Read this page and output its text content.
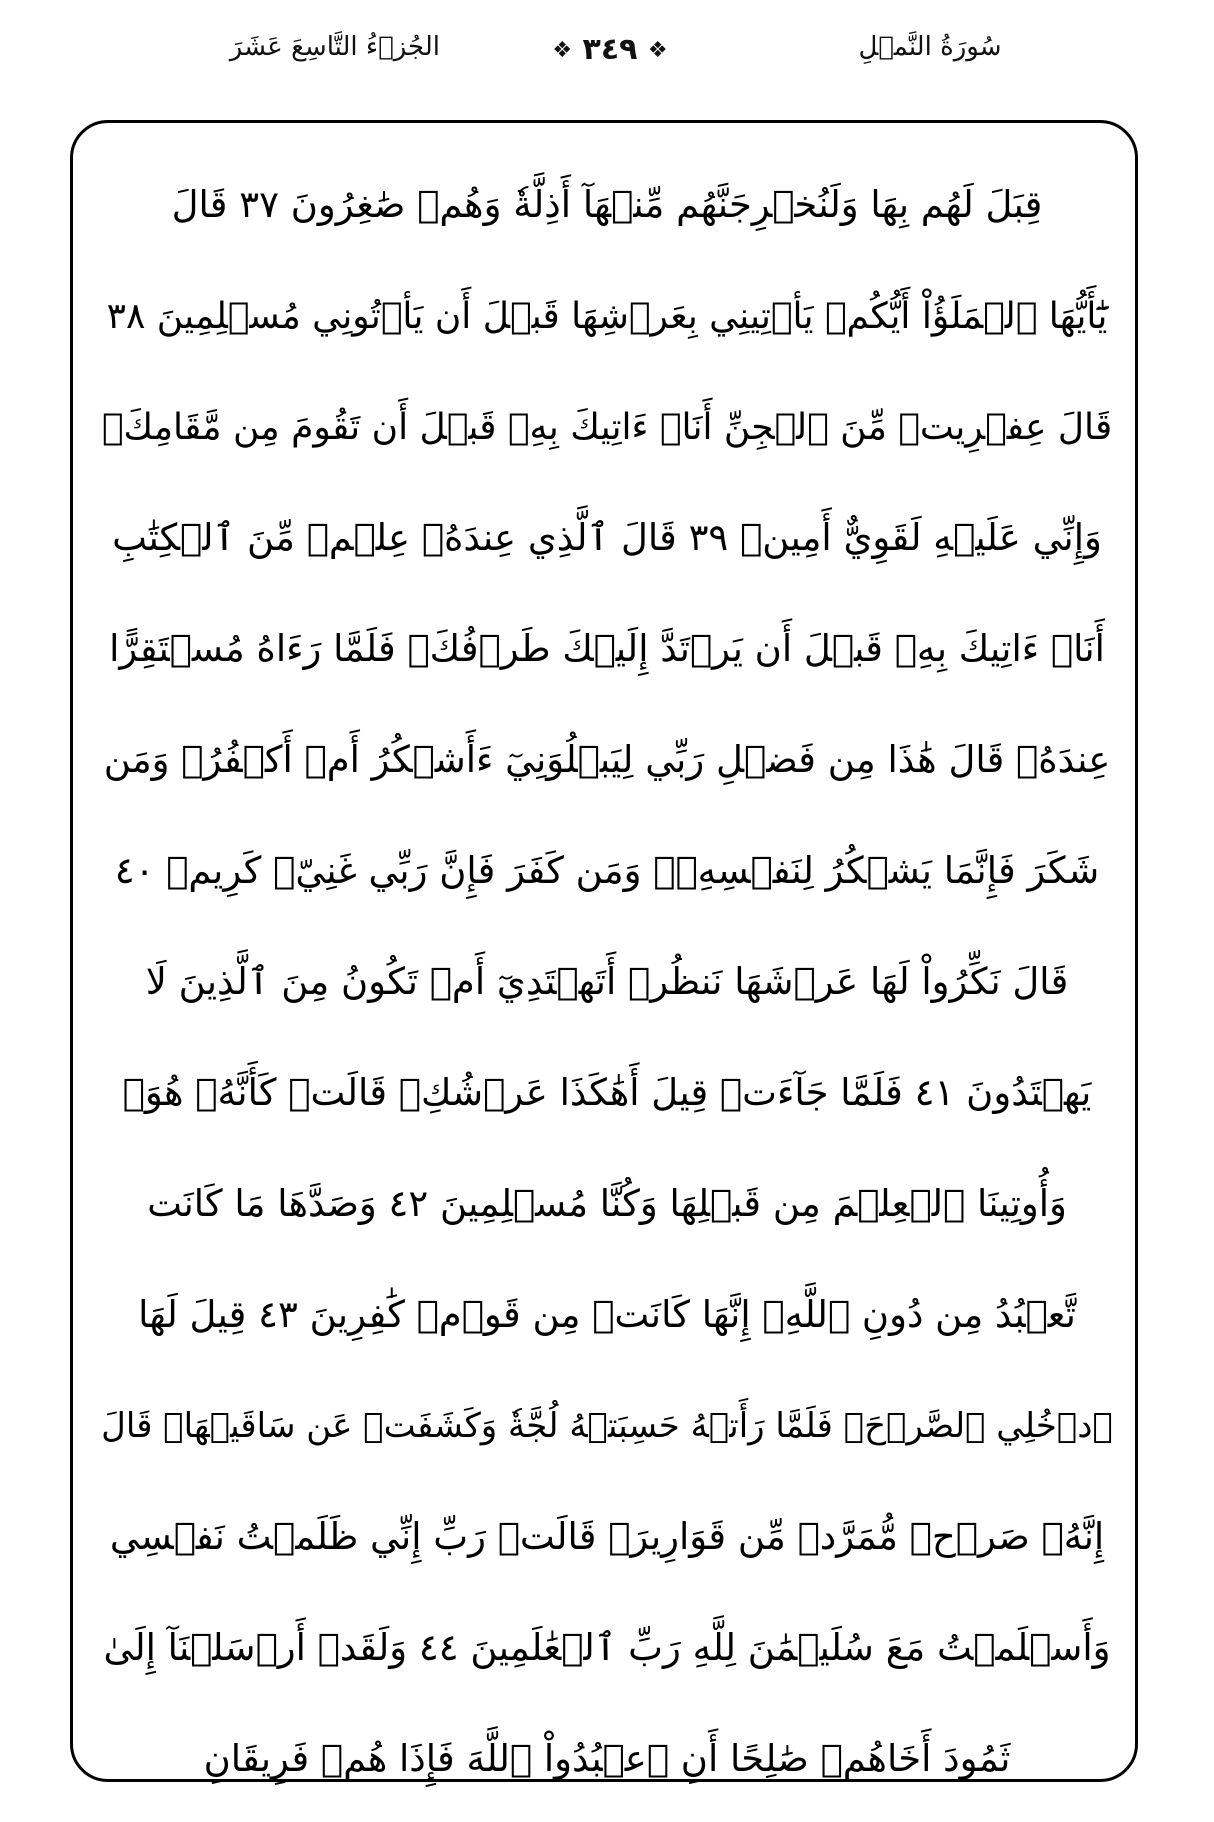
سُورَةُ النَّمۡلِ
❖ ٣٤٩ ❖
الجُزۡءُ التَّاسِعَ عَشَرَ
قِبَلَ لَهُم بِهَا وَلَنُخۡرِجَنَّهُم مِّنۡهَآ أَذِلَّةٗ وَهُمۡ صَٰغِرُونَ ٣٧ قَالَ
يَٰٓأَيُّهَا ٱلۡمَلَؤُاْ أَيُّكُمۡ يَأۡتِينِي بِعَرۡشِهَا قَبۡلَ أَن يَأۡتُونِي مُسۡلِمِينَ ٣٨
قَالَ عِفۡرِيتٞ مِّنَ ٱلۡجِنِّ أَنَا۠ ءَاتِيكَ بِهِۦ قَبۡلَ أَن تَقُومَ مِن مَّقَامِكَۖ
وَإِنِّي عَلَيۡهِ لَقَوِيٌّ أَمِينٞ ٣٩ قَالَ ٱلَّذِي عِندَهُۥ عِلۡمٞ مِّنَ ٱلۡكِتَٰبِ
أَنَا۠ ءَاتِيكَ بِهِۦ قَبۡلَ أَن يَرۡتَدَّ إِلَيۡكَ طَرۡفُكَۚ فَلَمَّا رَءَاهُ مُسۡتَقِرًّا
عِندَهُۥ قَالَ هَٰذَا مِن فَضۡلِ رَبِّي لِيَبۡلُوَنِيٓ ءَأَشۡكُرُ أَمۡ أَكۡفُرُۖ وَمَن
شَكَرَ فَإِنَّمَا يَشۡكُرُ لِنَفۡسِهِۦۖ وَمَن كَفَرَ فَإِنَّ رَبِّي غَنِيّٞ كَرِيمٞ ٤٠
قَالَ نَكِّرُواْ لَهَا عَرۡشَهَا نَنظُرۡ أَتَهۡتَدِيٓ أَمۡ تَكُونُ مِنَ ٱلَّذِينَ لَا
يَهۡتَدُونَ ٤١ فَلَمَّا جَآءَتۡ قِيلَ أَهَٰكَذَا عَرۡشُكِۖ قَالَتۡ كَأَنَّهُۥ هُوَۚ
وَأُوتِينَا ٱلۡعِلۡمَ مِن قَبۡلِهَا وَكُنَّا مُسۡلِمِينَ ٤٢ وَصَدَّهَا مَا كَانَت
تَّعۡبُدُ مِن دُونِ ٱللَّهِۖ إِنَّهَا كَانَتۡ مِن قَوۡمٖ كَٰفِرِينَ ٤٣ قِيلَ لَهَا
ٱدۡخُلِي ٱلصَّرۡحَۖ فَلَمَّا رَأَتۡهُ حَسِبَتۡهُ لُجَّةٗ وَكَشَفَتۡ عَن سَاقَيۡهَاۚ قَالَ
إِنَّهُۥ صَرۡحٞ مُّمَرَّدٞ مِّن قَوَارِيرَۗ قَالَتۡ رَبِّ إِنِّي ظَلَمۡتُ نَفۡسِي
وَأَسۡلَمۡتُ مَعَ سُلَيۡمَٰنَ لِلَّهِ رَبِّ ٱلۡعَٰلَمِينَ ٤٤ وَلَقَدۡ أَرۡسَلۡنَآ إِلَىٰ
ثَمُودَ أَخَاهُمۡ صَٰلِحًا أَنِ ٱعۡبُدُواْ ٱللَّهَ فَإِذَا هُمۡ فَرِيقَانِ
